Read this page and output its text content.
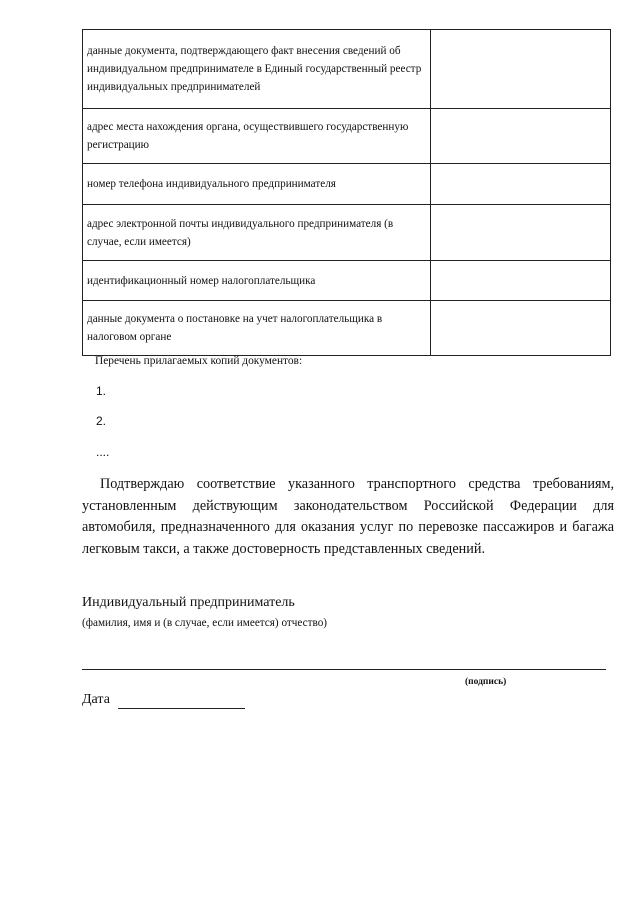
данные документа, подтверждающего факт внесения сведений об индивидуальном предпринимателе в Единый государственный реестр индивидуальных предпринимателей	
адрес места нахождения органа, осуществившего государственную регистрацию	
номер телефона индивидуального предпринимателя	
адрес электронной почты индивидуального предпринимателя (в случае, если имеется)	
идентификационный номер налогоплательщика	
данные документа о постановке на учет налогоплательщика в налоговом органе	
Перечень прилагаемых копий документов:
1.
2.
....

Подтверждаю соответствие указанного транспортного средства требованиям, установленным действующим законодательством Российской Федерации для автомобиля, предназначенного для оказания услуг по перевозке пассажиров и багажа легковым такси, а также достоверность представленных сведений.

Индивидуальный предприниматель
(фамилия, имя и (в случае, если имеется) отчество)
(подпись)
Дата
